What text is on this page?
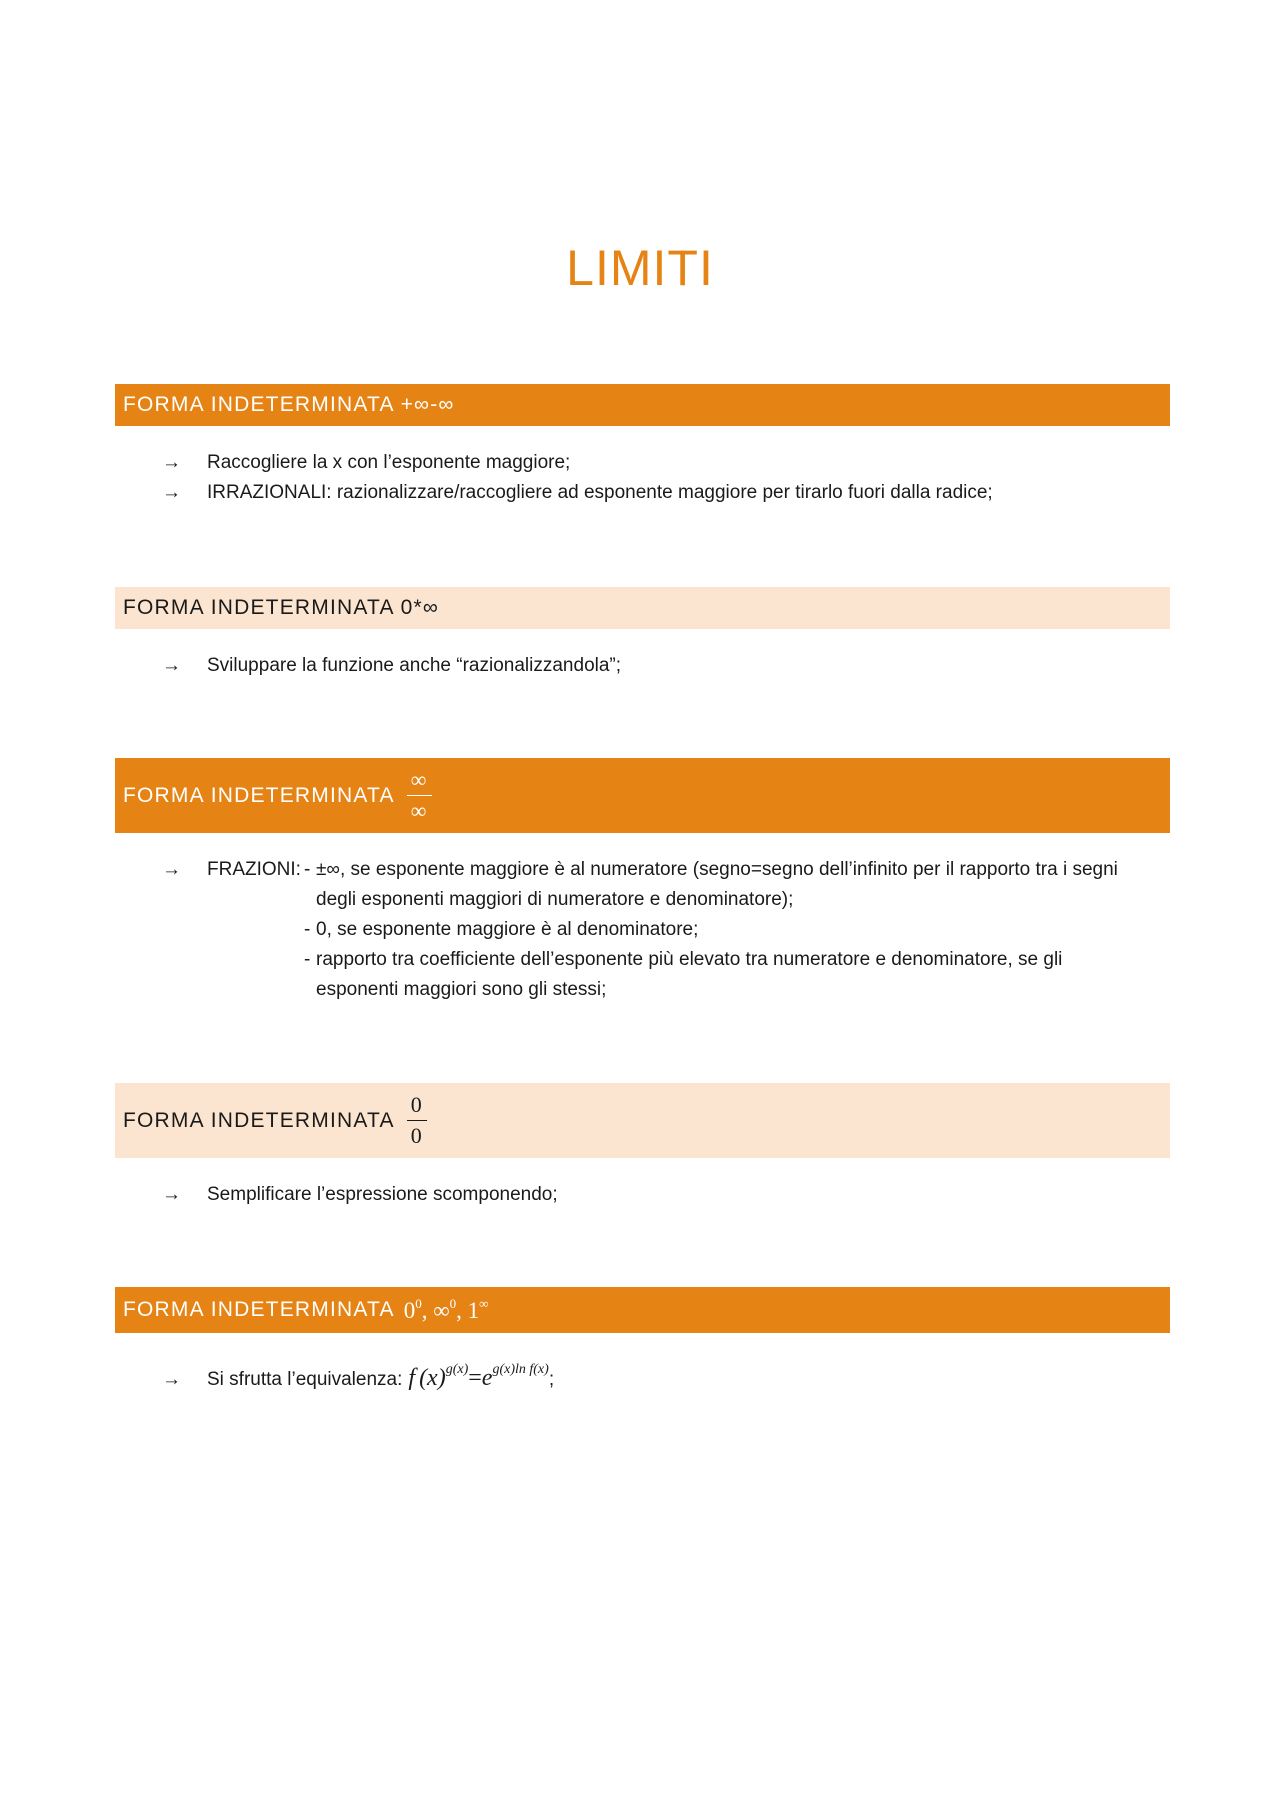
LIMITI
FORMA INDETERMINATA +∞-∞
→	Raccogliere la x con l’esponente maggiore;
→	IRRAZIONALI: razionalizzare/raccogliere ad esponente maggiore per tirarlo fuori dalla radice;
FORMA INDETERMINATA 0*∞
→	Sviluppare la funzione anche “razionalizzandola”;
FORMA INDETERMINATA $\frac{\infty}{\infty}$
→	FRAZIONI: - ±∞, se esponente maggiore è al numeratore (segno=segno dell’infinito per il rapporto tra i segni
degli esponenti maggiori di numeratore e denominatore);
- 0, se esponente maggiore è al denominatore;
- rapporto tra coefficiente dell’esponente più elevato tra numeratore e denominatore, se gli
esponenti maggiori sono gli stessi;
FORMA INDETERMINATA $\frac{0}{0}$
→	Semplificare l’espressione scomponendo;
FORMA INDETERMINATA $0^0$, ∞$^0$, 1∞
→	Si sfrutta l’equivalenza: f $(x)^{g(x)}=e^{g(x)ln f(x)}$;
